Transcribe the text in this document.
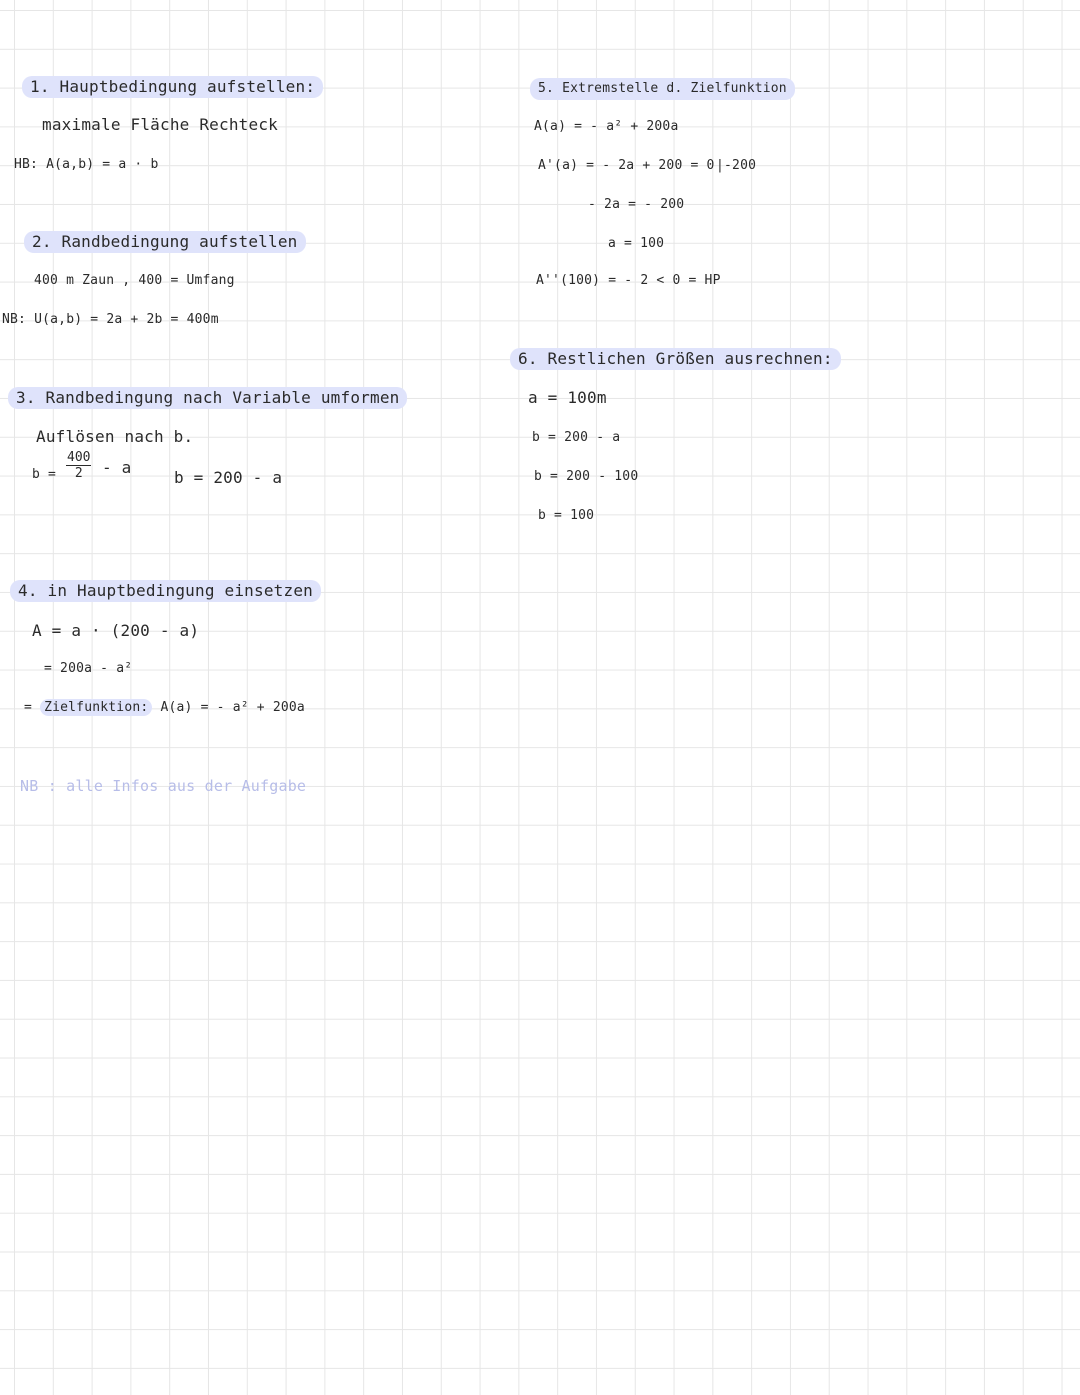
1. Hauptbedingung aufstellen:
maximale Fläche Rechteck
HB: A(a,b) = a · b
2. Randbedingung aufstellen
400 m Zaun , 400 = Umfang
NB: U(a,b) = 2a + 2b = 400m
3. Randbedingung nach Variable umformen
Auflösen nach b.
$b = \frac{400}{2} - a$
b = 200 - a
4. in Hauptbedingung einsetzen
A = a · (200 - a)
= 200a - a²
= Zielfunktion: A(a) = - a² + 200a
NB : alle Infos aus der Aufgabe
5. Extremstelle d. Zielfunktion
A(a) = - a² + 200a
A'(a) = - 2a + 200 = 0 |-200
- 2a = - 200
a = 100
A''(100) = - 2 < 0 = HP
6. Restlichen Größen ausrechnen:
a = 100m
b = 200 - a
b = 200 - 100
b = 100
